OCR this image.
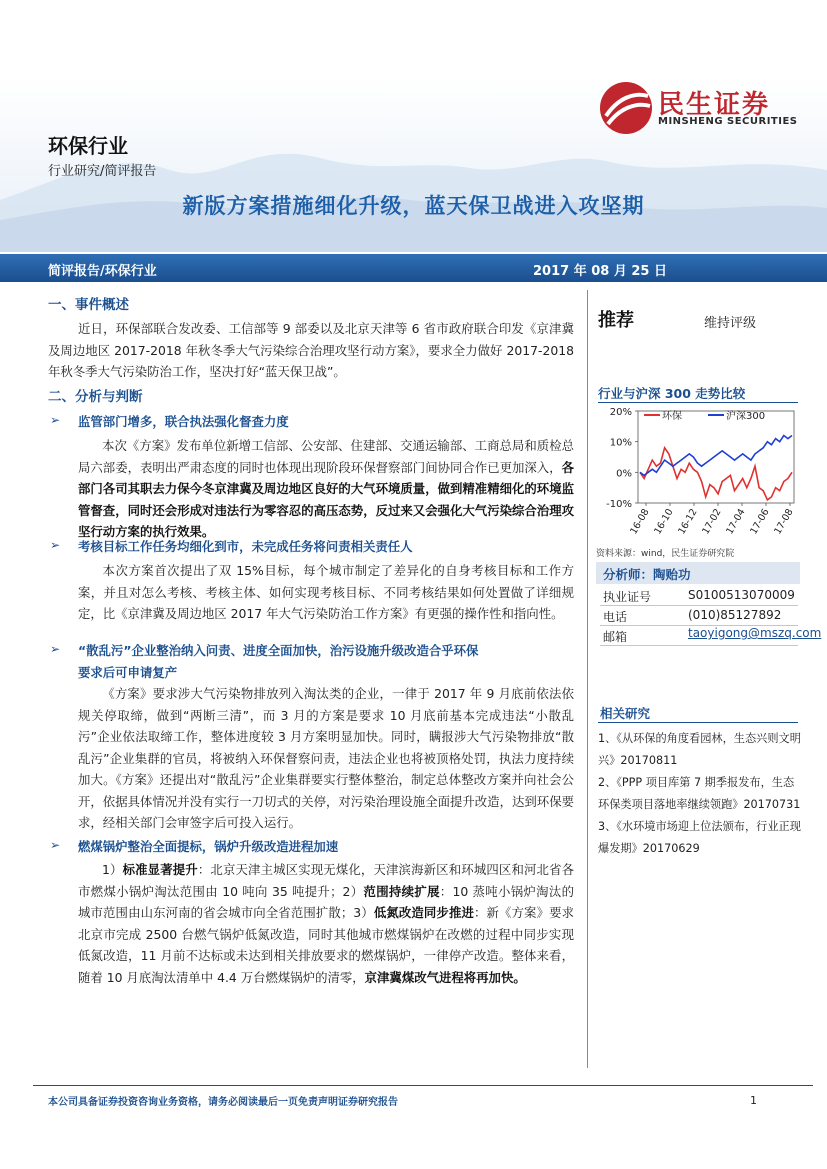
民生证券
MINSHENG SECURITIES
环保行业
行业研究/简评报告
新版方案措施细化升级，蓝天保卫战进入攻坚期
简评报告/环保行业	2017 年 08 月 25 日
一、事件概述
近日，环保部联合发改委、工信部等 9 部委以及北京天津等 6 省市政府联合印发《京津冀及周边地区 2017-2018 年秋冬季大气污染综合治理攻坚行动方案》，要求全力做好 2017-2018 年秋冬季大气污染防治工作，坚决打好“蓝天保卫战”。
二、分析与判断
➢ 监管部门增多，联合执法强化督查力度
本次《方案》发布单位新增工信部、公安部、住建部、交通运输部、工商总局和质检总局六部委，表明出严肃态度的同时也体现出现阶段环保督察部门间协同合作已更加深入，各部门各司其职去力保今冬京津冀及周边地区良好的大气环境质量，做到精准精细化的环境监管督查，同时还会形成对违法行为零容忍的高压态势，反过来又会强化大气污染综合治理攻坚行动方案的执行效果。
➢ 考核目标工作任务均细化到市，未完成任务将问责相关责任人
本次方案首次提出了双 15%目标，每个城市制定了差异化的自身考核目标和工作方案，并且对怎么考核、考核主体、如何实现考核目标、不同考核结果如何处置做了详细规定，比《京津冀及周边地区 2017 年大气污染防治工作方案》有更强的操作性和指向性。
➢ “散乱污”企业整治纳入问责、进度全面加快，治污设施升级改造合乎环保
要求后可申请复产
《方案》要求涉大气污染物排放列入淘汰类的企业，一律于 2017 年 9 月底前依法依规关停取缔，做到“两断三清”，而 3 月的方案是要求 10 月底前基本完成违法“小散乱污”企业依法取缔工作，整体进度较 3 月方案明显加快。同时，瞒报涉大气污染物排放“散乱污”企业集群的官员，将被纳入环保督察问责，违法企业也将被顶格处罚，执法力度持续加大。《方案》还提出对“散乱污”企业集群要实行整体整治，制定总体整改方案并向社会公开，依据具体情况并没有实行一刀切式的关停，对污染治理设施全面提升改造，达到环保要求，经相关部门会审签字后可投入运行。
➢ 燃煤锅炉整治全面提标，锅炉升级改造进程加速
1）标准显著提升：北京天津主城区实现无煤化，天津滨海新区和环城四区和河北省各市燃煤小锅炉淘汰范围由 10 吨向 35 吨提升；2）范围持续扩展：10 蒸吨小锅炉淘汰的城市范围由山东河南的省会城市向全省范围扩散；3）低氮改造同步推进：新《方案》要求北京市完成 2500 台燃气锅炉低氮改造，同时其他城市燃煤锅炉在改燃的过程中同步实现低氮改造，11 月前不达标或未达到相关排放要求的燃煤锅炉，一律停产改造。整体来看，随着 10 月底淘汰清单中 4.4 万台燃煤锅炉的清零，京津冀煤改气进程将再加快。
推荐	维持评级
行业与沪深 300 走势比较
20%
10%
0%
-10%
16-08 16-10 16-12 17-02 17-04 17-06 17-08
环保	沪深300
资料来源：wind，民生证券研究院
分析师：陶贻功
执业证号	S0100513070009
电话	(010)85127892
邮箱	taoyigong@mszq.com
相关研究
1、《从环保的角度看园林，生态兴则文明兴》20170811
2、《PPP 项目库第 7 期季报发布，生态环保类项目落地率继续领跑》20170731
3、《水环境市场迎上位法颁布，行业正现爆发期》20170629
本公司具备证券投资咨询业务资格，请务必阅读最后一页免责声明证券研究报告	1
